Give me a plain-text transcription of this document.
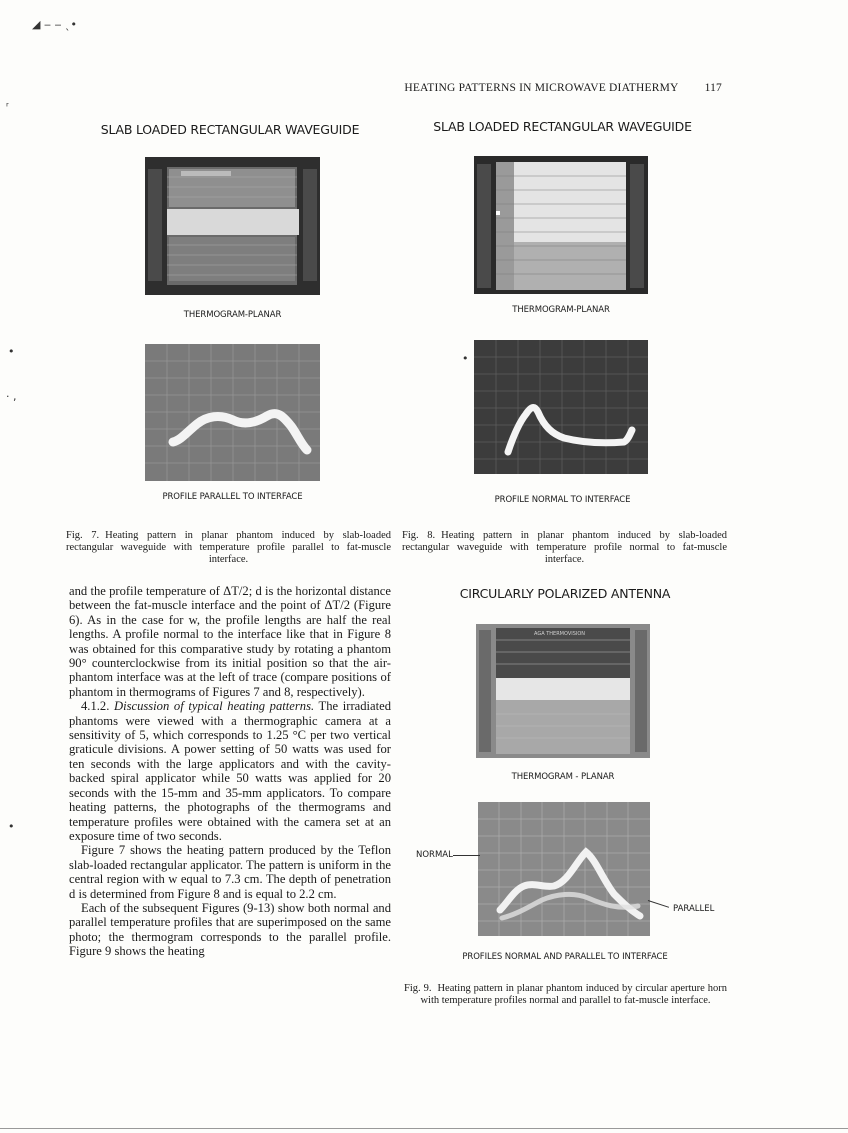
◢ ‒ ‒ ˎ•
ʳ
•
· ,
•
HEATING PATTERNS IN MICROWAVE DIATHERMY 117
SLAB LOADED RECTANGULAR WAVEGUIDE
THERMOGRAM-PLANAR
PROFILE PARALLEL TO INTERFACE
Fig. 7. Heating pattern in planar phantom induced by slab-loaded rectangular waveguide with temperature profile parallel to fat-muscle interface.
SLAB LOADED RECTANGULAR WAVEGUIDE
THERMOGRAM-PLANAR
•
PROFILE NORMAL TO INTERFACE
Fig. 8. Heating pattern in planar phantom induced by slab-loaded rectangular waveguide with temperature profile normal to fat-muscle interface.

and the profile temperature of ΔT/2; d is the horizontal distance between the fat-muscle interface and the point of ΔT/2 (Figure 6). As in the case for w, the profile lengths are half the real lengths. A profile normal to the interface like that in Figure 8 was obtained for this comparative study by rotating a phantom 90° counterclockwise from its initial position so that the air-phantom interface was at the left of trace (compare positions of phantom in thermograms of Figures 7 and 8, respectively).

4.1.2. Discussion of typical heating patterns. The irradiated phantoms were viewed with a thermographic camera at a sensitivity of 5, which corresponds to 1.25 °C per two vertical graticule divisions. A power setting of 50 watts was used for ten seconds with the large applicators and with the cavity-backed spiral applicator while 50 watts was applied for 20 seconds with the 15-mm and 35-mm applicators. To compare heating patterns, the photographs of the thermograms and temperature profiles were obtained with the camera set at an exposure time of two seconds.

Figure 7 shows the heating pattern produced by the Teflon slab-loaded rectangular applicator. The pattern is uniform in the central region with w equal to 7.3 cm. The depth of penetration d is determined from Figure 8 and is equal to 2.2 cm.

Each of the subsequent Figures (9-13) show both normal and parallel temperature profiles that are superimposed on the same photo; the thermogram corresponds to the parallel profile. Figure 9 shows the heating

CIRCULARLY POLARIZED ANTENNA
AGA THERMOVISION
THERMOGRAM - PLANAR
NORMAL
PARALLEL
PROFILES NORMAL AND PARALLEL TO INTERFACE
Fig. 9. Heating pattern in planar phantom induced by circular aperture horn with temperature profiles normal and parallel to fat-muscle interface.
